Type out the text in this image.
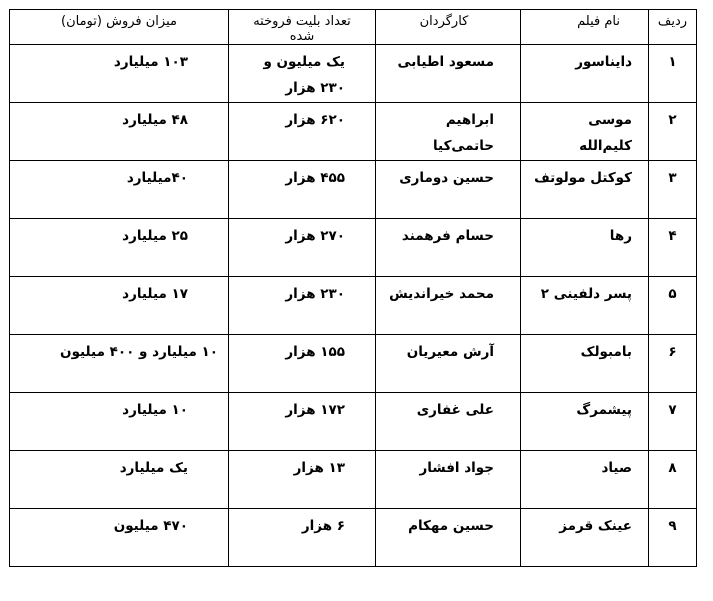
ردیف	نام فیلم	کارگردان	تعداد بلیت فروخته شده	میزان فروش (تومان)
۱	دایناسور	مسعود اطیابی	یک میلیون و ۲۳۰ هزار	۱۰۳ میلیارد
۲	موسی کلیم‌الله	ابراهیم حاتمی‌کیا	۶۲۰ هزار	۴۸ میلیارد
۳	کوکتل مولوتف	حسین دوماری	۴۵۵ هزار	۴۰میلیارد
۴	رها	حسام فرهمند	۲۷۰ هزار	۲۵ میلیارد
۵	پسر دلفینی ۲	محمد خیراندیش	۲۳۰ هزار	۱۷ میلیارد
۶	بامبولک	آرش معیریان	۱۵۵ هزار	۱۰ میلیارد و ۴۰۰ میلیون
۷	پیشمرگ	علی غفاری	۱۷۲ هزار	۱۰ میلیارد
۸	صیاد	جواد افشار	۱۳ هزار	یک میلیارد
۹	عینک قرمز	حسین مهکام	۶ هزار	۴۷۰ میلیون
